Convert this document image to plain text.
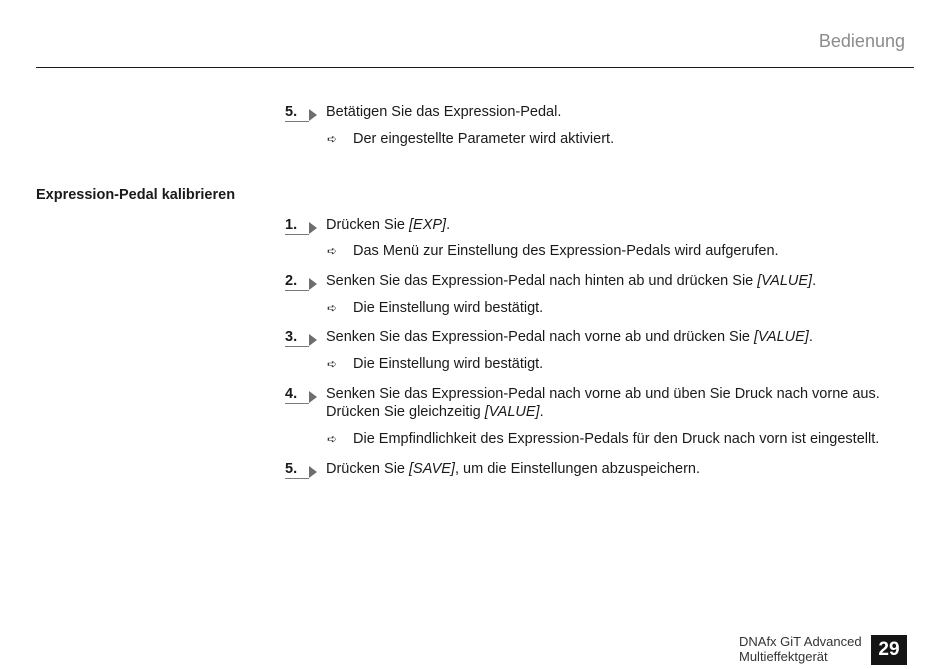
Bedienung
5.	Betätigen Sie das Expression-Pedal.
➪ Der eingestellte Parameter wird aktiviert.
Expression-Pedal kalibrieren
1.	Drücken Sie [EXP].
➪ Das Menü zur Einstellung des Expression-Pedals wird aufgerufen.
2.	Senken Sie das Expression-Pedal nach hinten ab und drücken Sie [VALUE].
➪ Die Einstellung wird bestätigt.
3.	Senken Sie das Expression-Pedal nach vorne ab und drücken Sie [VALUE].
➪ Die Einstellung wird bestätigt.
4.	Senken Sie das Expression-Pedal nach vorne ab und üben Sie Druck nach vorne aus. Drücken Sie gleichzeitig [VALUE].
➪ Die Empfindlichkeit des Expression-Pedals für den Druck nach vorn ist eingestellt.
5.	Drücken Sie [SAVE], um die Einstellungen abzuspeichern.
DNAfx GiT Advanced
Multieffektgerät	29
